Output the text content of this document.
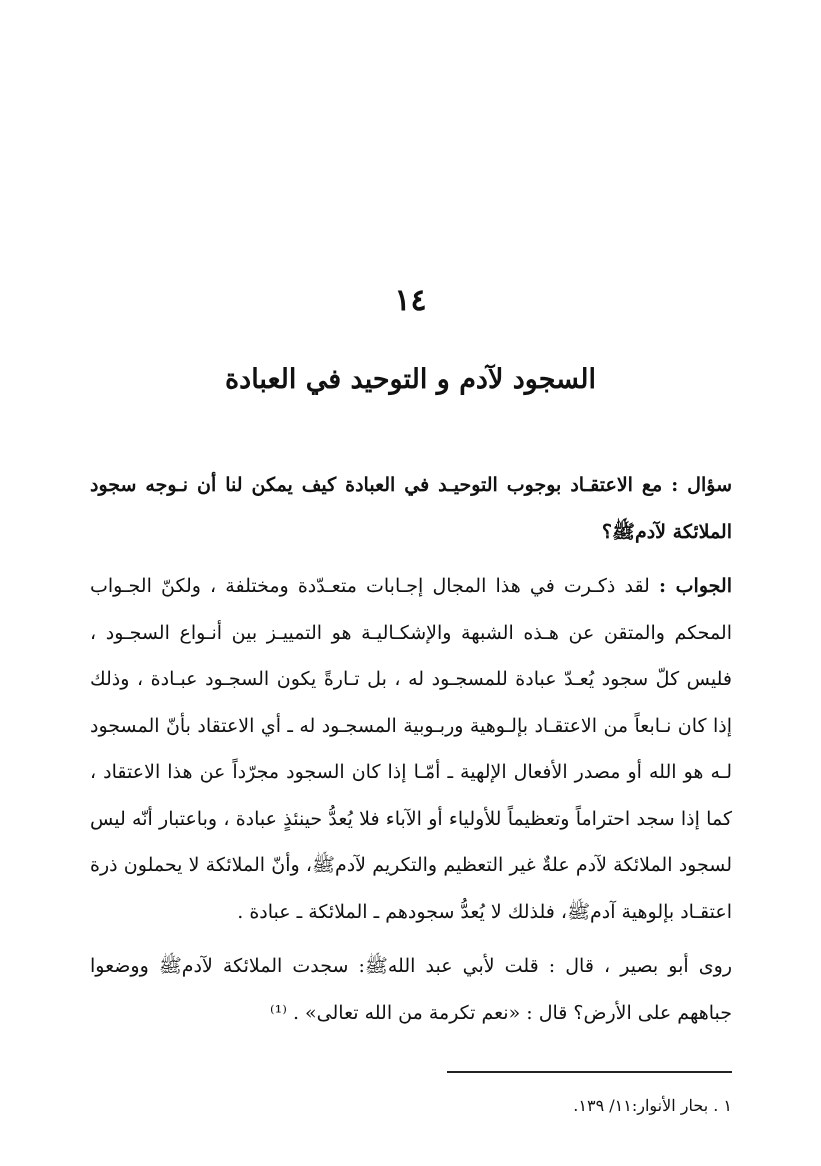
١٤
السجود لآدم و التوحيد في العبادة

سؤال : مع الاعتقـاد بوجوب التوحيـد في العبادة كيف يمكن لنا أن نـوجه سجود الملائكة لآدمﷺ؟

الجواب : لقد ذكـرت في هذا المجال إجـابات متعـدّدة ومختلفة ، ولكنّ الجـواب المحكم والمتقن عن هـذه الشبهة والإشكـاليـة هو التمييـز بين أنـواع السجـود ، فليس كلّ سجود يُعـدّ عبادة للمسجـود له ، بل تـارةً يكون السجـود عبـادة ، وذلك إذا كان نـابعاً من الاعتقـاد بإلـوهية وربـوبية المسجـود له ـ أي الاعتقاد بأنّ المسجود لـه هو الله أو مصدر الأفعال الإلهية ـ أمّـا إذا كان السجود مجرّداً عن هذا الاعتقاد ، كما إذا سجد احتراماً وتعظيماً للأولياء أو الآباء فلا يُعدُّ حينئذٍ عبادة ، وباعتبار أنّه ليس لسجود الملائكة لآدم علةٌ غير التعظيم والتكريم لآدمﷺ، وأنّ الملائكة لا يحملون ذرة اعتقـاد بإلوهية آدمﷺ، فلذلك لا يُعدُّ سجودهم ـ الملائكة ـ عبادة .

روى أبو بصير ، قال : قلت لأبي عبد اللهﷺ: سجدت الملائكة لآدمﷺ ووضعوا جباههم على الأرض؟ قال : «نعم تكرمة من الله تعالى» . ⁽¹⁾

١ . بحار الأنوار:١١/ ١٣٩.
